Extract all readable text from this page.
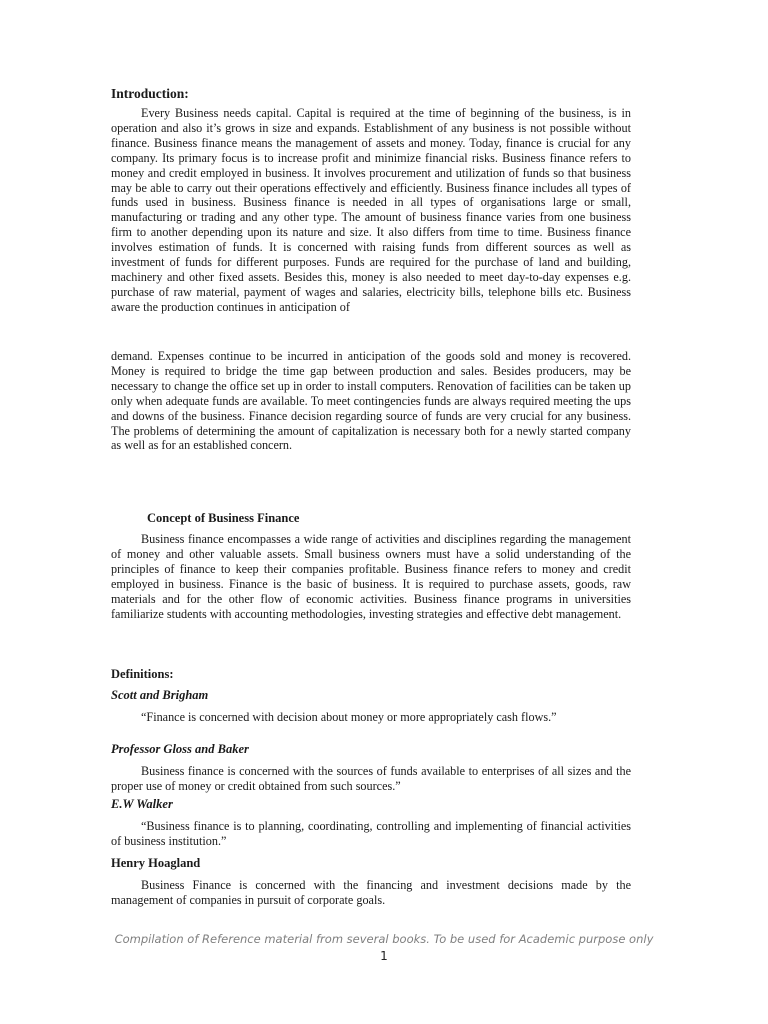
Introduction:

Every Business needs capital. Capital is required at the time of beginning of the business, is in operation and also it’s grows in size and expands. Establishment of any business is not possible without finance. Business finance means the management of assets and money. Today, finance is crucial for any company. Its primary focus is to increase profit and minimize financial risks. Business finance refers to money and credit employed in business. It involves procurement and utilization of funds so that business may be able to carry out their operations effectively and efficiently. Business finance includes all types of funds used in business. Business finance is needed in all types of organisations large or small, manufacturing or trading and any other type. The amount of business finance varies from one business firm to another depending upon its nature and size. It also differs from time to time. Business finance involves estimation of funds. It is concerned with raising funds from different sources as well as investment of funds for different purposes. Funds are required for the purchase of land and building, machinery and other fixed assets. Besides this, money is also needed to meet day-to-day expenses e.g. purchase of raw material, payment of wages and salaries, electricity bills, telephone bills etc. Business aware the production continues in anticipation of

demand. Expenses continue to be incurred in anticipation of the goods sold and money is recovered. Money is required to bridge the time gap between production and sales. Besides producers, may be necessary to change the office set up in order to install computers. Renovation of facilities can be taken up only when adequate funds are available. To meet contingencies funds are always required meeting the ups and downs of the business. Finance decision regarding source of funds are very crucial for any business. The problems of determining the amount of capitalization is necessary both for a newly started company as well as for an established concern.

Concept of Business Finance

Business finance encompasses a wide range of activities and disciplines regarding the management of money and other valuable assets. Small business owners must have a solid understanding of the principles of finance to keep their companies profitable. Business finance refers to money and credit employed in business. Finance is the basic of business. It is required to purchase assets, goods, raw materials and for the other flow of economic activities. Business finance programs in universities familiarize students with accounting methodologies, investing strategies and effective debt management.

Definitions:

Scott and Brigham

“Finance is concerned with decision about money or more appropriately cash flows.”

Professor Gloss and Baker

Business finance is concerned with the sources of funds available to enterprises of all sizes and the proper use of money or credit obtained from such sources.”

E.W Walker

“Business finance is to planning, coordinating, controlling and implementing of financial activities of business institution.”

Henry Hoagland

Business Finance is concerned with the financing and investment decisions made by the management of companies in pursuit of corporate goals.

Compilation of Reference material from several books. To be used for Academic purpose only
1
